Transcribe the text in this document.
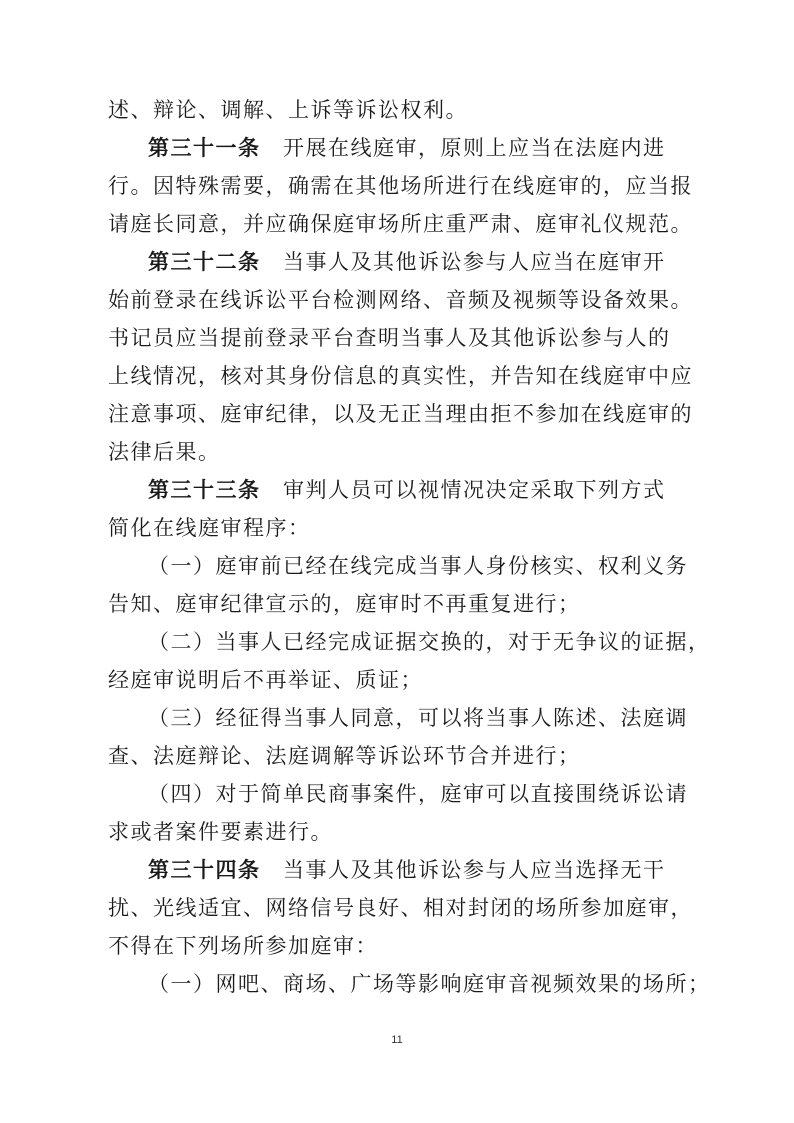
述、辩论、调解、上诉等诉讼权利。
第三十一条　开展在线庭审，原则上应当在法庭内进
行。因特殊需要，确需在其他场所进行在线庭审的，应当报
请庭长同意，并应确保庭审场所庄重严肃、庭审礼仪规范。
第三十二条　当事人及其他诉讼参与人应当在庭审开
始前登录在线诉讼平台检测网络、音频及视频等设备效果。
书记员应当提前登录平台查明当事人及其他诉讼参与人的
上线情况，核对其身份信息的真实性，并告知在线庭审中应
注意事项、庭审纪律，以及无正当理由拒不参加在线庭审的
法律后果。
第三十三条　审判人员可以视情况决定采取下列方式
简化在线庭审程序：
（一）庭审前已经在线完成当事人身份核实、权利义务
告知、庭审纪律宣示的，庭审时不再重复进行；
（二）当事人已经完成证据交换的，对于无争议的证据，
经庭审说明后不再举证、质证；
（三）经征得当事人同意，可以将当事人陈述、法庭调
查、法庭辩论、法庭调解等诉讼环节合并进行；
（四）对于简单民商事案件，庭审可以直接围绕诉讼请
求或者案件要素进行。
第三十四条　当事人及其他诉讼参与人应当选择无干
扰、光线适宜、网络信号良好、相对封闭的场所参加庭审，
不得在下列场所参加庭审：
（一）网吧、商场、广场等影响庭审音视频效果的场所；
11
